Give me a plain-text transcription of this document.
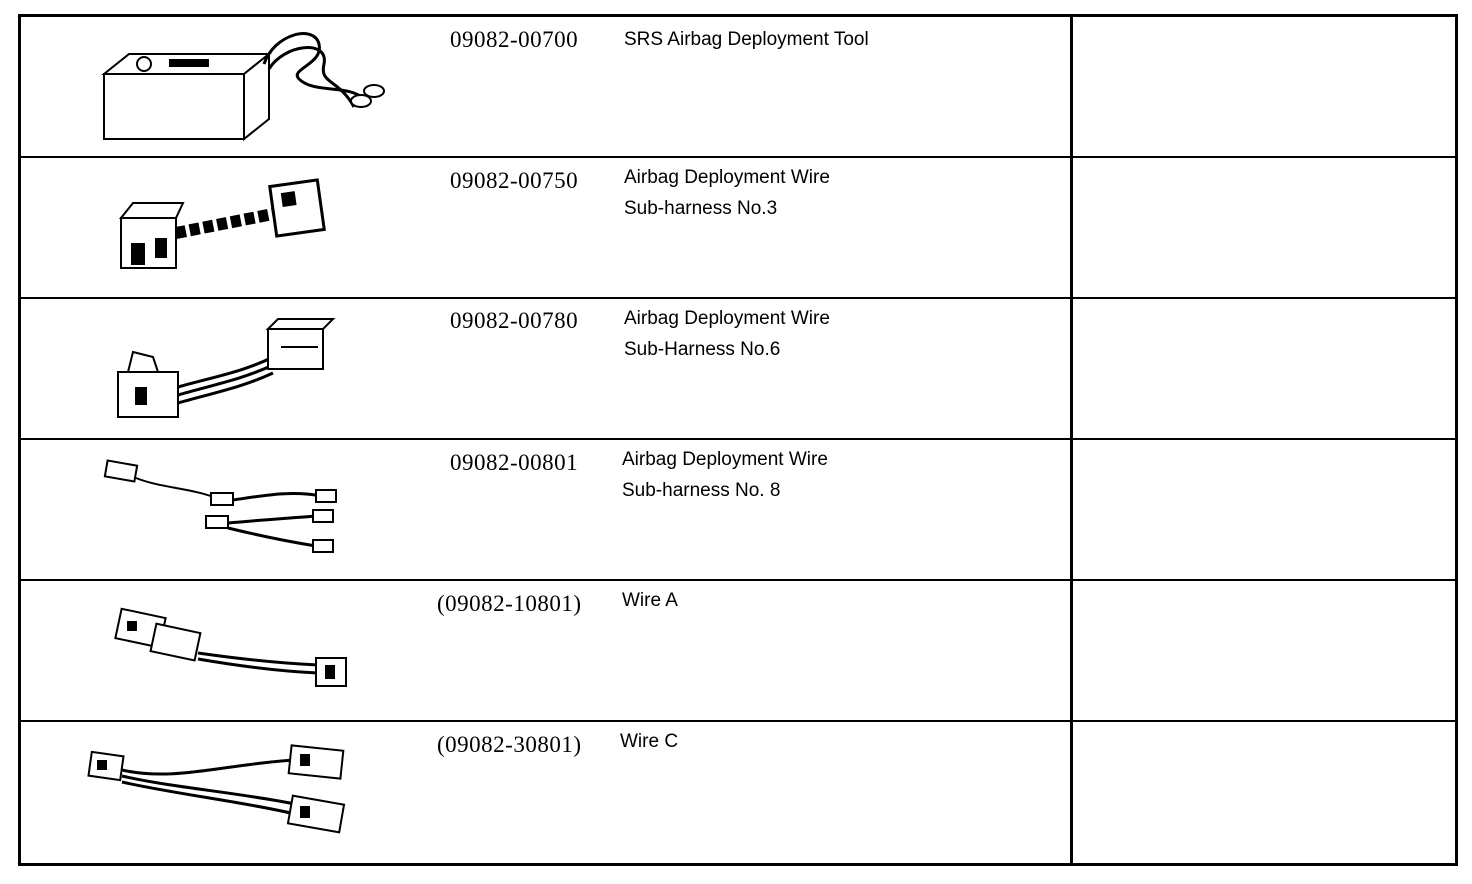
09082-00700 SRS Airbag Deployment Tool
09082-00750 Airbag Deployment Wire
Sub-harness No.3
09082-00780 Airbag Deployment Wire
Sub-Harness No.6
09082-00801 Airbag Deployment Wire
Sub-harness No. 8
(09082-10801) Wire A
(09082-30801) Wire C
